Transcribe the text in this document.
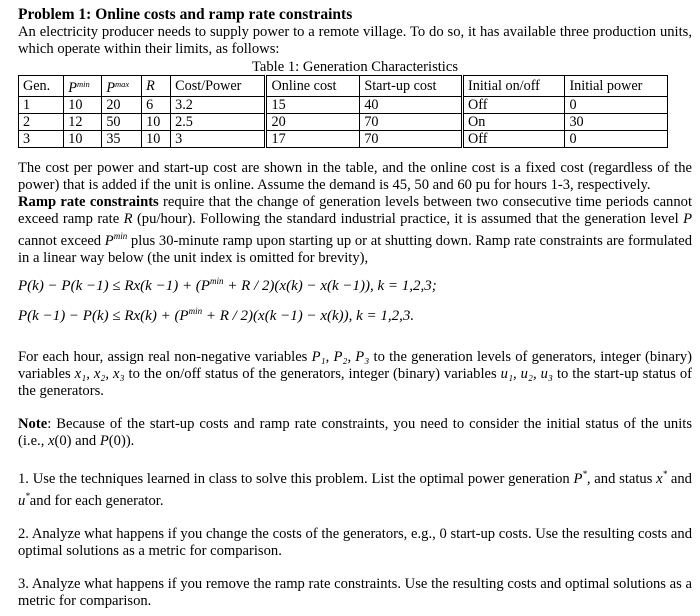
Problem 1: Online costs and ramp rate constraints

An electricity producer needs to supply power to a remote village. To do so, it has available three production units, which operate within their limits, as follows:

Table 1: Generation Characteristics
Gen.	$P^{min}$	$P^{max}$	R	Cost/Power	Online cost	Start-up cost	Initial on/off	Initial power
1	10	20	6	3.2	15	40	Off	0
2	12	50	10	2.5	20	70	On	30
3	10	35	10	3	17	70	Off	0

The cost per power and start-up cost are shown in the table, and the online cost is a fixed cost (regardless of the power) that is added if the unit is online. Assume the demand is 45, 50 and 60 pu for hours 1-3, respectively.

Ramp rate constraints require that the change of generation levels between two consecutive time periods cannot exceed ramp rate R (pu/hour). Following the standard industrial practice, it is assumed that the generation level P cannot exceed $P^{min}$ plus 30-minute ramp upon starting up or at shutting down. Ramp rate constraints are formulated in a linear way below (the unit index is omitted for brevity),

$P(k) - P(k -1) \le Rx(k -1) + (P^{min} + R / 2)(x(k) - x(k -1))$, k = 1,2,3;
$P(k -1) - P(k) \le Rx(k) + (P^{min} + R / 2)(x(k -1) - x(k))$, k = 1,2,3.

For each hour, assign real non-negative variables P₁, P₂, P₃ to the generation levels of generators, integer (binary) variables x₁, x₂, x₃ to the on/off status of the generators, integer (binary) variables u₁, u₂, u₃ to the start-up status of the generators.

Note: Because of the start-up costs and ramp rate constraints, you need to consider the initial status of the units (i.e., x(0) and P(0)).

1. Use the techniques learned in class to solve this problem. List the optimal power generation P*, and status x* and u*and for each generator.

2. Analyze what happens if you change the costs of the generators, e.g., 0 start-up costs. Use the resulting costs and optimal solutions as a metric for comparison.

3. Analyze what happens if you remove the ramp rate constraints. Use the resulting costs and optimal solutions as a metric for comparison.
